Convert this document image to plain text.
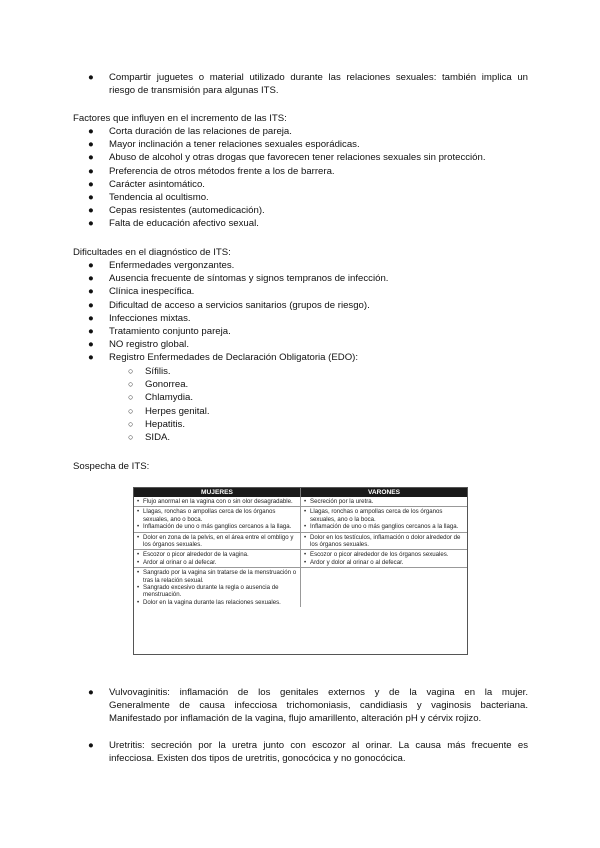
● Compartir juguetes o material utilizado durante las relaciones sexuales: también implica un
riesgo de transmisión para algunas ITS.
Factores que influyen en el incremento de las ITS:
● Corta duración de las relaciones de pareja.
● Mayor inclinación a tener relaciones sexuales esporádicas.
● Abuso de alcohol y otras drogas que favorecen tener relaciones sexuales sin protección.
● Preferencia de otros métodos frente a los de barrera.
● Carácter asintomático.
● Tendencia al ocultismo.
● Cepas resistentes (automedicación).
● Falta de educación afectivo sexual.
Dificultades en el diagnóstico de ITS:
● Enfermedades vergonzantes.
● Ausencia frecuente de síntomas y signos tempranos de infección.
● Clínica inespecífica.
● Dificultad de acceso a servicios sanitarios (grupos de riesgo).
● Infecciones mixtas.
● Tratamiento conjunto pareja.
● NO registro global.
● Registro Enfermedades de Declaración Obligatoria (EDO):
○ Sífilis.
○ Gonorrea.
○ Chlamydia.
○ Herpes genital.
○ Hepatitis.
○ SIDA.
Sospecha de ITS:
MUJERES	VARONES
• Flujo anormal en la vagina con o sin olor desagradable.
•	Secreción por la uretra.
• Llagas, ronchas o ampollas cerca de los órganos sexuales, ano o boca.
• Inflamación de uno o más ganglios cercanos a la llaga.
• Llagas, ronchas o ampollas cerca de los órganos sexuales, ano o la boca.
• Inflamación de uno o más ganglios cercanos a la llaga.
• Dolor en zona de la pelvis, en el área entre el ombligo y los órganos sexuales.
• Dolor en los testículos, inflamación o dolor alrededor de los órganos sexuales.
• Escozor o picor alrededor de la vagina.
• Ardor al orinar o al defecar.
• Escozor o picor alrededor de los órganos sexuales.
• Ardor y dolor al orinar o al defecar.
• Sangrado por la vagina sin tratarse de la menstruación o tras la relación sexual.
• Sangrado excesivo durante la regla o ausencia de menstruación.
• Dolor en la vagina durante las relaciones sexuales.
● Vulvovaginitis: inflamación de los genitales externos y de la vagina en la mujer.
Generalmente de causa infecciosa trichomoniasis, candidiasis y vaginosis bacteriana.
Manifestado por inflamación de la vagina, flujo amarillento, alteración pH y cérvix rojizo.
● Uretritis: secreción por la uretra junto con escozor al orinar. La causa más frecuente es
infecciosa. Existen dos tipos de uretritis, gonocócica y no gonocócica.
